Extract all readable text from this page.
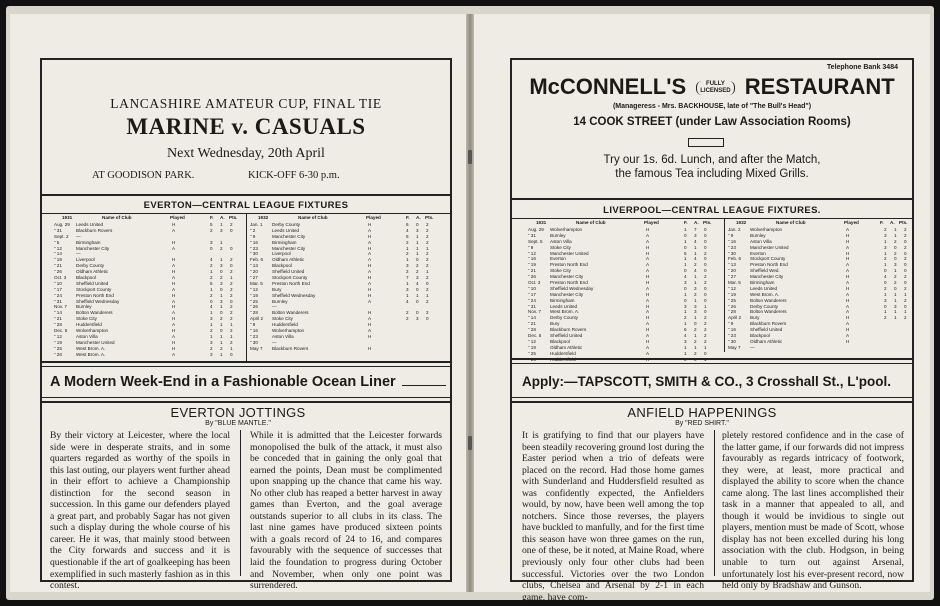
LANCASHIRE AMATEUR CUP, FINAL TIE
MARINE v. CASUALS
Next Wednesday, 20th April
AT GOODISON PARK.	KICK-OFF 6-30 p.m.
EVERTON—CENTRAL LEAGUE FIXTURES
1931	Name of Club	Played	F. A. Pts.
Aug. 29 Leeds United	H	5 1 2
” 31	Blackburn Rovers	A	2 3 0
Sept. 2 —
” 5	Birmingham	H	3 1
” 12	Manchester City	A	0 2 0
” 14	—
” 19	Liverpool	H	4 1 2
” 21	Derby County	A	2 3 0
” 26	Oldham Athletic	H	1 0 2
Oct. 3 Blackpool	A	2 2 1
” 10	Sheffield United	H	5 3 2
” 17	Stockport County	A	1 0 2
” 24	Preston North End	H	2 1 2
” 31	Sheffield Wednesday	A	0 3 0
Nov. 7 Burnley	H	4 1 2
” 14	Bolton Wanderers	A	1 0 2
” 21	Stoke City	H	3 2 2
” 28	Huddersfield	A	1 1 1
Dec. 5 Wolverhampton	H	2 0 2
” 12	Aston Villa	A	1 1 1
” 19	Manchester United	H	3 1 2
” 25	West Brom. A.	H	2 2 1
” 26	West Brom. A.	A	3 1 0
1932	Name of Club	Played	F. A. Pts.
Jan. 1 Derby County	H	6 0 2
” 2	Leeds United	A	4 3 2
” 9	Manchester City	H	5 1 2
” 16	Birmingham	A	2 1 2
” 23	Manchester City	H	1 1 1
” 30	Liverpool	A	2 1 2
Feb. 6 Oldham Athletic	A	1 0 2
” 13	Blackpool	H	3 2 2
” 20	Sheffield United	A	2 2 1
” 27	Stockport County	H	7 3 2
Mar. 5 Preston North End	A	1 4 0
” 12	Bury	H	3 0 2
” 19	Sheffield Wednesday	H	1 1 1
” 25	Burnley	A	4 0 2
” 26	—
” 28	Bolton Wanderers	H	2 0 2
April 2 Stoke City	A	2 3 0
” 9	Huddersfield	H
” 16	Wolverhampton	A
” 23	Aston Villa	H
” 30	—
May 7 Blackburn Rovers	H
A Modern Week-End in a Fashionable Ocean Liner
EVERTON JOTTINGS
By "BLUE MANTLE."
By their victory at Leicester, where the local side were in desperate straits, and in some quarters regarded as worthy of the spoils in this last outing, our players went further ahead in their effort to achieve a Championship distinction for the second season in succession. In this game our defenders played a great part, and probably Sagar has not given such a display during the whole course of his career. He it was, that mainly stood between the City forwards and success and it is questionable if the art of goalkeeping has been exemplified in such masterly fashion as in this contest.
While it is admitted that the Leicester forwards monopolised the bulk of the attack, it must also be conceded that in gaining the only goal that earned the points, Dean must be complimented upon snapping up the chance that came his way. No other club has reaped a better harvest in away games than Everton, and the goal average outstands superior to all clubs in its class. The last nine games have produced sixteen points with a goals record of 24 to 16, and compares favourably with the sequence of successes that laid the foundation to progress during October and November, when only one point was surrendered.
Telephone Bank 3484
McCONNELL'S	FULLY
LICENSED RESTAURANT
(Manageress - Mrs. BACKHOUSE, late of "The Bull's Head")
14 COOK STREET (under Law Association Rooms)
Try our 1s. 6d. Lunch, and after the Match,
the famous Tea including Mixed Grills.
LIVERPOOL—CENTRAL LEAGUE FIXTURES.
1931	Name of Club	Played	F. A. Pts.
Aug. 29 Wolverhampton	H	1 7 0
” 31	Burnley	A	0 3 0
Sept. 5 Aston Villa	A	1 4 0
” 9	Stoke City	H	0 1 0
” 12	Manchester United	H	5 1 2
” 16	Everton	A	1 4 0
” 19	Preston North End	A	1 2 0
” 21	Stoke City	A	0 4 0
” 26	Manchester City	H	4 1 2
Oct. 3 Preston North End	H	3 1 2
” 10	Sheffield Wednesday	A	0 3 0
” 17	Manchester City	H	1 2 0
” 24	Birmingham	A	0 1 0
” 31	Leeds United	H	3 3 1
Nov. 7 West Brom. A.	A	1 3 0
” 14	Derby County	H	2 1 2
” 21	Bury	A	1 0 2
” 28	Blackburn Rovers	H	6 2 2
Dec. 5 Sheffield United	A	4 1 2
” 12	Blackpool	H	3 2 2
” 19	Oldham Athletic	A	1 1 1
” 25	Huddersfield	A	1 2 0
” 26	Huddersfield	H	0 0 1
1932	Name of Club	Played	F. A. Pts.
Jan. 2 Wolverhampton	A	2 1 2
” 9	Burnley	H	3 1 2
” 16	Aston Villa	H	1 2 0
” 23	Manchester United	A	3 0 2
” 30	Everton	H	1 2 0
Feb. 6 Stockport County	H	2 0 2
” 13	Preston North End	A	1 3 0
” 20	Sheffield Wed.	A	0 1 0
” 27	Manchester City	H	4 2 2
Mar. 5 Birmingham	A	0 2 0
” 12	Leeds United	H	2 0 2
” 19	West Brom. A.	A	1 1 1
” 25	Bolton Wanderers	H	3 1 2
” 26	Derby County	A	0 3 0
” 28	Bolton Wanderers	A	1 1 1
April 2 Bury	H	2 1 2
” 9	Blackburn Rovers	A
” 16	Sheffield United	H
” 23	Blackpool	A
” 30	Oldham Athletic	H
May 7 —
Apply:—TAPSCOTT, SMITH & CO., 3 Crosshall St., L'pool.
ANFIELD HAPPENINGS
By "RED SHIRT."
It is gratifying to find that our players have been steadily recovering ground lost during the Easter period when a trio of defeats were placed on the record. Had those home games with Sunderland and Huddersfield resulted as was confidently expected, the Anfielders would, by now, have been well among the top notchers. Since those reverses, the players have buckled to manfully, and for the first time this season have won three games on the run, one of these, be it noted, at Maine Road, where previously only four other clubs had been successful. Victories over the two London clubs, Chelsea and Arsenal by 2-1 in each game, have com-
pletely restored confidence and in the case of the latter game, if our forwards did not impress favourably as regards intricacy of footwork, they were, at least, more practical and displayed the ability to score when the chance came along. The last lines accomplished their task in a manner that appealed to all, and though it would be invidious to single out players, mention must be made of Scott, whose display has not been excelled during his long association with the club. Hodgson, in being unable to turn out against Arsenal, unfortunately lost his ever-present record, now held only by Bradshaw and Gunson.
